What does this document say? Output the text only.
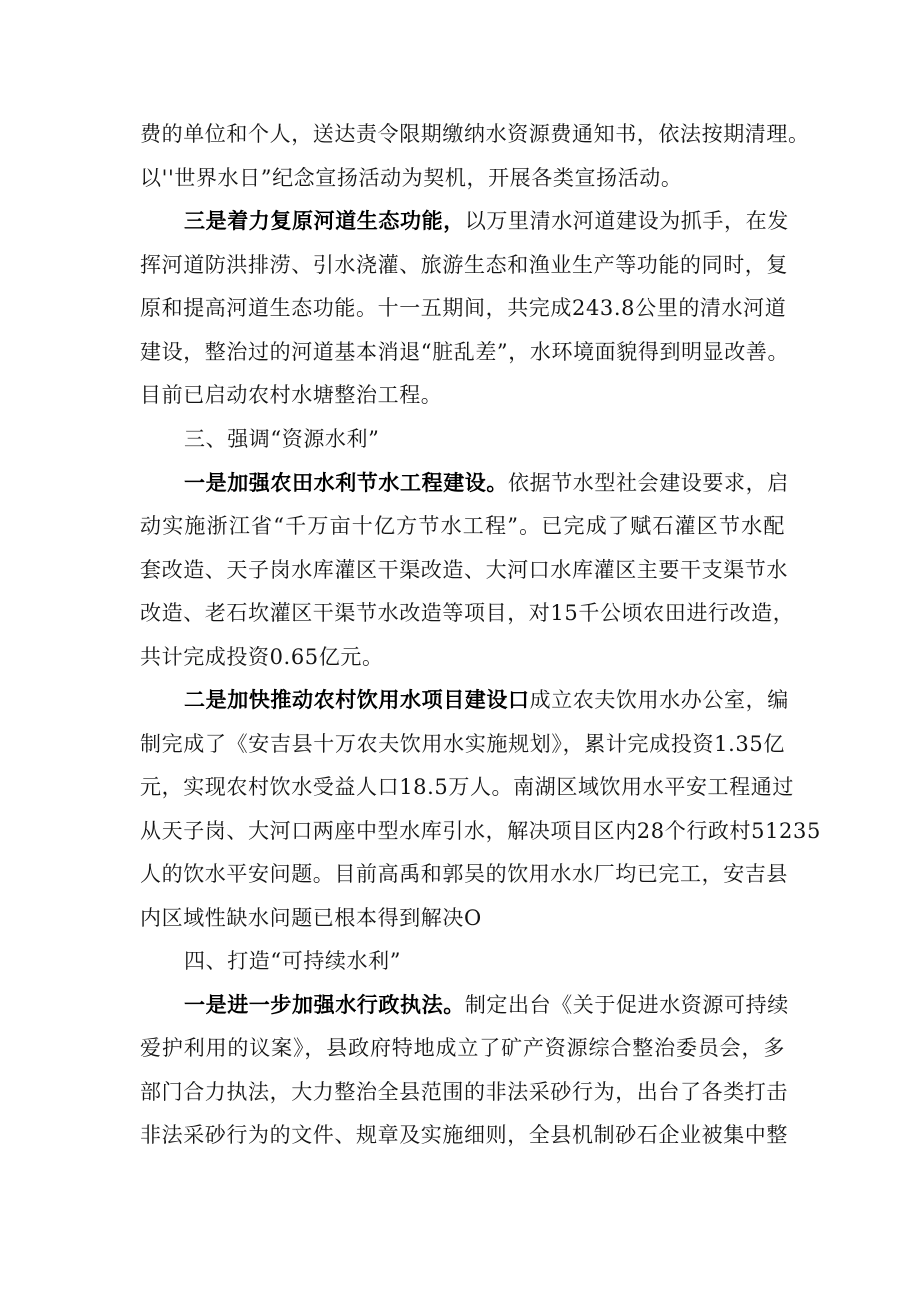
费的单位和个人，送达责令限期缴纳水资源费通知书，依法按期清理。
以''世界水日”纪念宣扬活动为契机，开展各类宣扬活动。
三是着力复原河道生态功能，以万里清水河道建设为抓手，在发
挥河道防洪排涝、引水浇灌、旅游生态和渔业生产等功能的同时，复
原和提高河道生态功能。十一五期间，共完成243.8公里的清水河道
建设，整治过的河道基本消退“脏乱差”，水环境面貌得到明显改善。
目前已启动农村水塘整治工程。
三、强调“资源水利”
一是加强农田水利节水工程建设。依据节水型社会建设要求，启
动实施浙江省“千万亩十亿方节水工程”。已完成了赋石灌区节水配
套改造、天子岗水库灌区干渠改造、大河口水库灌区主要干支渠节水
改造、老石坎灌区干渠节水改造等项目，对15千公顷农田进行改造，
共计完成投资0.65亿元。
二是加快推动农村饮用水项目建设口成立农夫饮用水办公室，编
制完成了《安吉县十万农夫饮用水实施规划》，累计完成投资1.35亿
元，实现农村饮水受益人口18.5万人。南湖区域饮用水平安工程通过
从天子岗、大河口两座中型水库引水，解决项目区内28个行政村51235
人的饮水平安问题。目前高禹和郭吴的饮用水水厂均已完工，安吉县
内区域性缺水问题已根本得到解决O
四、打造“可持续水利”
一是进一步加强水行政执法。制定出台《关于促进水资源可持续
爱护利用的议案》，县政府特地成立了矿产资源综合整治委员会，多
部门合力执法，大力整治全县范围的非法采砂行为，出台了各类打击
非法采砂行为的文件、规章及实施细则，全县机制砂石企业被集中整
